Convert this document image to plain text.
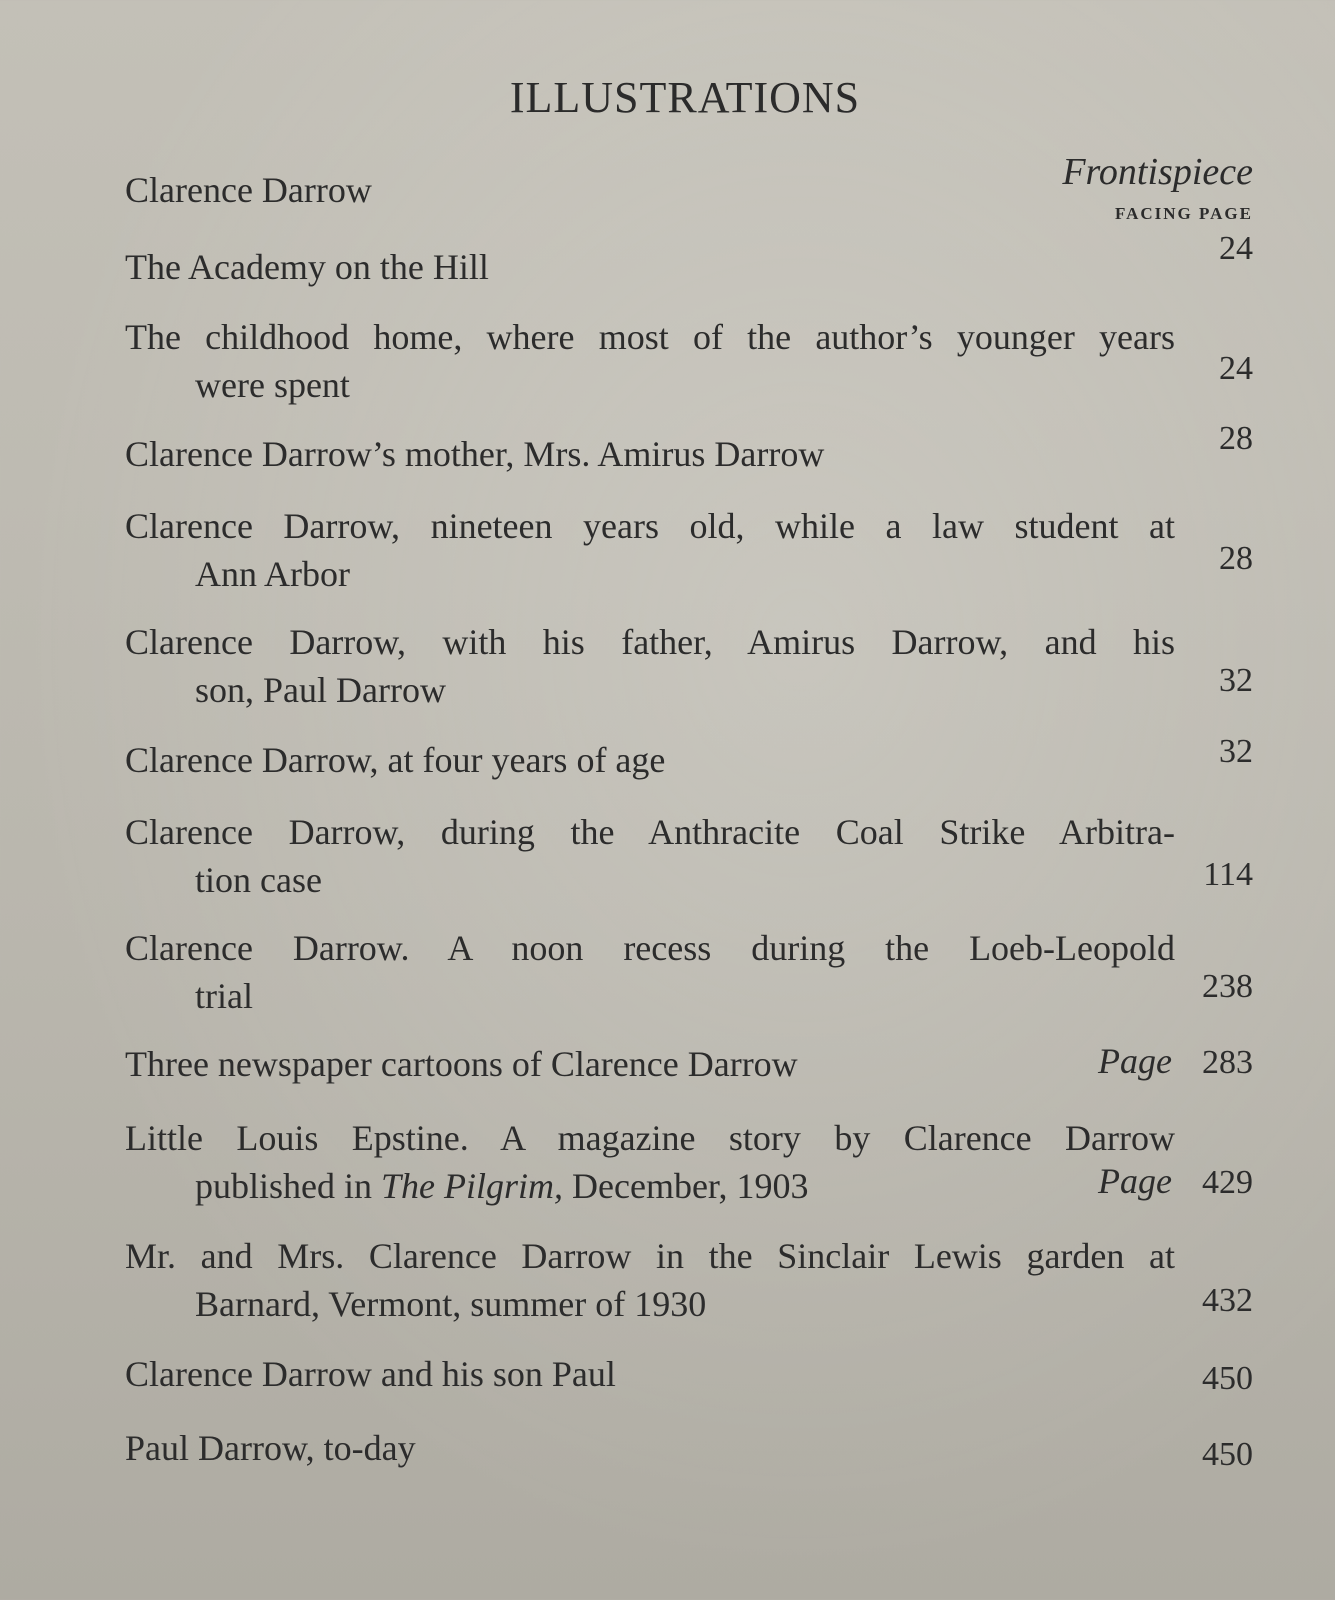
ILLUSTRATIONS
Clarence Darrow	Frontispiece
FACING PAGE
The Academy on the Hill	24
The childhood home, where most of the author’s younger years
were spent	24
Clarence Darrow’s mother, Mrs. Amirus Darrow	28
Clarence Darrow, nineteen years old, while a law student at
Ann Arbor	28
Clarence Darrow, with his father, Amirus Darrow, and his
son, Paul Darrow	32
Clarence Darrow, at four years of age	32
Clarence Darrow, during the Anthracite Coal Strike Arbitra-
tion case	114
Clarence Darrow. A noon recess during the Loeb-Leopold
trial	238
Three newspaper cartoons of Clarence Darrow	Page 283
Little Louis Epstine. A magazine story by Clarence Darrow
published in The Pilgrim, December, 1903	Page 429
Mr. and Mrs. Clarence Darrow in the Sinclair Lewis garden at
Barnard, Vermont, summer of 1930	432
Clarence Darrow and his son Paul	450
Paul Darrow, to-day	450
